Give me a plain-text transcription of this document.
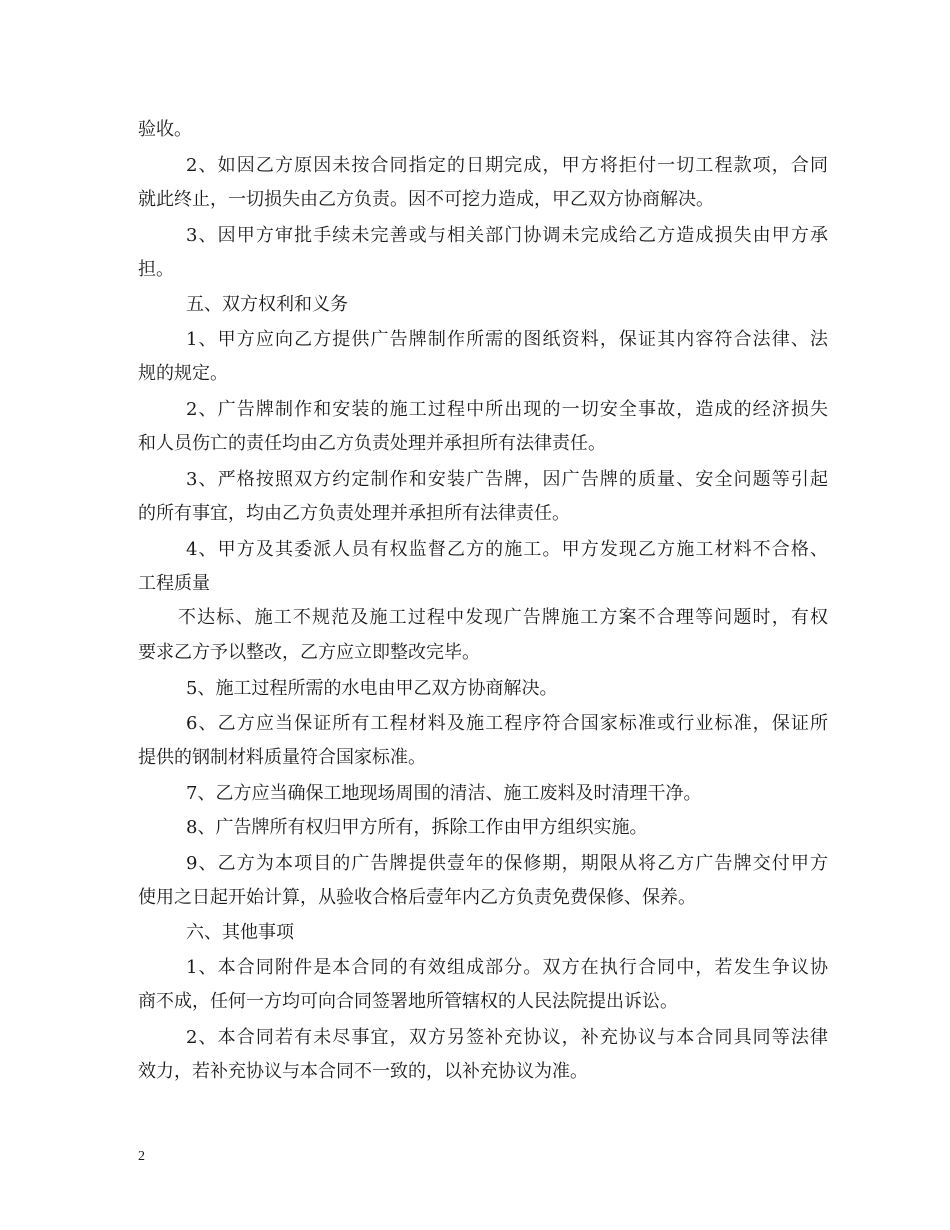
验收。
2、如因乙方原因未按合同指定的日期完成，甲方将拒付一切工程款项，合同
就此终止，一切损失由乙方负责。因不可挖力造成，甲乙双方协商解决。
3、因甲方审批手续未完善或与相关部门协调未完成给乙方造成损失由甲方承
担。
五、双方权利和义务
1、甲方应向乙方提供广告牌制作所需的图纸资料，保证其内容符合法律、法
规的规定。
2、广告牌制作和安装的施工过程中所出现的一切安全事故，造成的经济损失
和人员伤亡的责任均由乙方负责处理并承担所有法律责任。
3、严格按照双方约定制作和安装广告牌，因广告牌的质量、安全问题等引起
的所有事宜，均由乙方负责处理并承担所有法律责任。
4、甲方及其委派人员有权监督乙方的施工。甲方发现乙方施工材料不合格、
工程质量
不达标、施工不规范及施工过程中发现广告牌施工方案不合理等问题时，有权
要求乙方予以整改，乙方应立即整改完毕。
5、施工过程所需的水电由甲乙双方协商解决。
6、乙方应当保证所有工程材料及施工程序符合国家标准或行业标准，保证所
提供的钢制材料质量符合国家标准。
7、乙方应当确保工地现场周围的清洁、施工废料及时清理干净。
8、广告牌所有权归甲方所有，拆除工作由甲方组织实施。
9、乙方为本项目的广告牌提供壹年的保修期，期限从将乙方广告牌交付甲方
使用之日起开始计算，从验收合格后壹年内乙方负责免费保修、保养。
六、其他事项
1、本合同附件是本合同的有效组成部分。双方在执行合同中，若发生争议协
商不成，任何一方均可向合同签署地所管辖权的人民法院提出诉讼。
2、本合同若有未尽事宜，双方另签补充协议，补充协议与本合同具同等法律
效力，若补充协议与本合同不一致的，以补充协议为准。
2
